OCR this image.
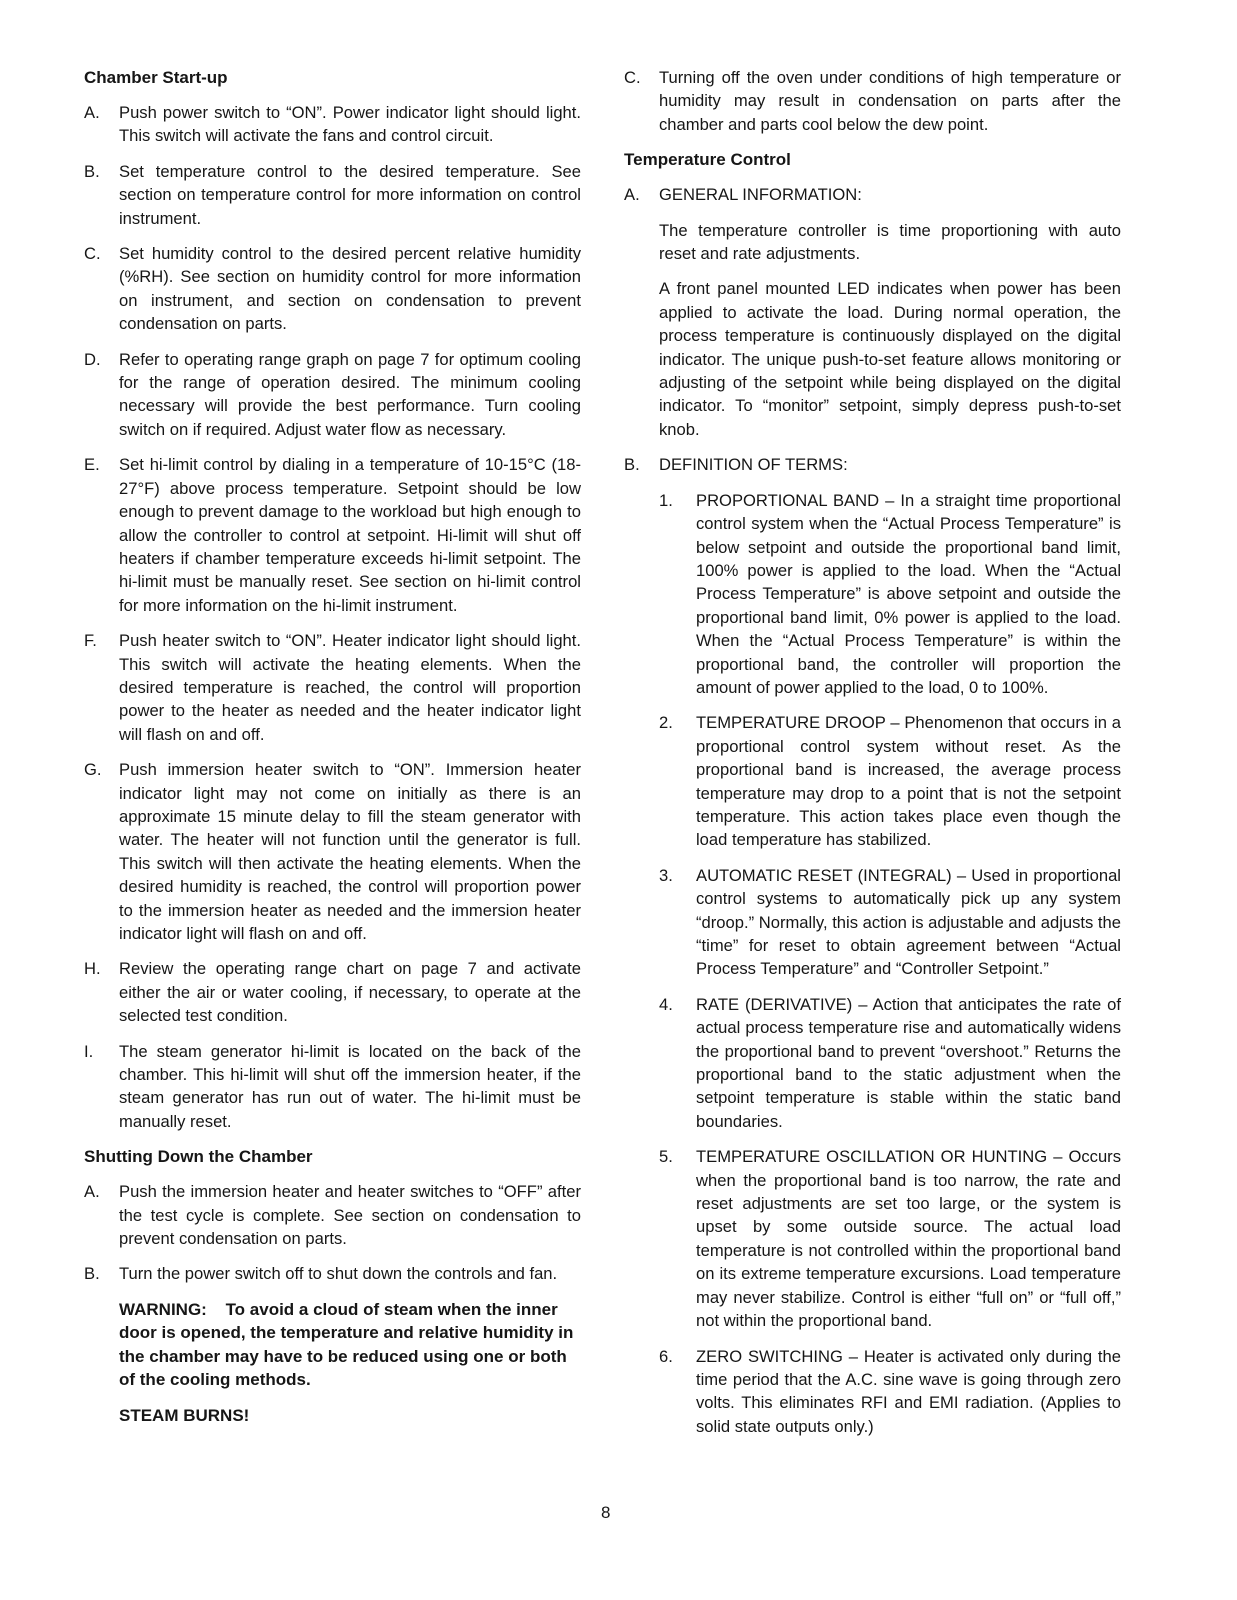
Chamber Start-up
A.	Push power switch to “ON”. Power indicator light should light. This switch will activate the fans and control circuit.
B.	Set temperature control to the desired temperature. See section on temperature control for more information on control instrument.
C.	Set humidity control to the desired percent relative humidity (%RH). See section on humidity control for more information on instrument, and section on condensation to prevent condensation on parts.
D.	Refer to operating range graph on page 7 for optimum cooling for the range of operation desired. The minimum cooling necessary will provide the best performance. Turn cooling switch on if required. Adjust water flow as necessary.
E.	Set hi-limit control by dialing in a temperature of 10-15°C (18-27°F) above process temperature. Setpoint should be low enough to prevent damage to the workload but high enough to allow the controller to control at setpoint. Hi-limit will shut off heaters if chamber temperature exceeds hi-limit setpoint. The hi-limit must be manually reset. See section on hi-limit control for more information on the hi-limit instrument.
F.	Push heater switch to “ON”. Heater indicator light should light. This switch will activate the heating elements. When the desired temperature is reached, the control will proportion power to the heater as needed and the heater indicator light will flash on and off.
G.	Push immersion heater switch to “ON”. Immersion heater indicator light may not come on initially as there is an approximate 15 minute delay to fill the steam generator with water. The heater will not function until the generator is full. This switch will then activate the heating elements. When the desired humidity is reached, the control will proportion power to the immersion heater as needed and the immersion heater indicator light will flash on and off.
H.	Review the operating range chart on page 7 and activate either the air or water cooling, if necessary, to operate at the selected test condition.
I.	The steam generator hi-limit is located on the back of the chamber. This hi-limit will shut off the immersion heater, if the steam generator has run out of water. The hi-limit must be manually reset.
Shutting Down the Chamber
A.	Push the immersion heater and heater switches to “OFF” after the test cycle is complete. See section on condensation to prevent condensation on parts.
B.	Turn the power switch off to shut down the controls and fan.
WARNING: To avoid a cloud of steam when the inner door is opened, the temperature and relative humidity in the chamber may have to be reduced using one or both of the cooling methods.
STEAM BURNS!
C.	Turning off the oven under conditions of high temperature or humidity may result in condensation on parts after the chamber and parts cool below the dew point.
Temperature Control
A.	GENERAL INFORMATION:
The temperature controller is time proportioning with auto reset and rate adjustments.
A front panel mounted LED indicates when power has been applied to activate the load. During normal operation, the process temperature is continuously displayed on the digital indicator. The unique push-to-set feature allows monitoring or adjusting of the setpoint while being displayed on the digital indicator. To “monitor” setpoint, simply depress push-to-set knob.
B.	DEFINITION OF TERMS:
1.	PROPORTIONAL BAND – In a straight time proportional control system when the “Actual Process Temperature” is below setpoint and outside the proportional band limit, 100% power is applied to the load. When the “Actual Process Temperature” is above setpoint and outside the proportional band limit, 0% power is applied to the load. When the “Actual Process Temperature” is within the proportional band, the controller will proportion the amount of power applied to the load, 0 to 100%.
2.	TEMPERATURE DROOP – Phenomenon that occurs in a proportional control system without reset. As the proportional band is increased, the average process temperature may drop to a point that is not the setpoint temperature. This action takes place even though the load temperature has stabilized.
3.	AUTOMATIC RESET (INTEGRAL) – Used in proportional control systems to automatically pick up any system “droop.” Normally, this action is adjustable and adjusts the “time” for reset to obtain agreement between “Actual Process Temperature” and “Controller Setpoint.”
4.	RATE (DERIVATIVE) – Action that anticipates the rate of actual process temperature rise and automatically widens the proportional band to prevent “overshoot.” Returns the proportional band to the static adjustment when the setpoint temperature is stable within the static band boundaries.
5.	TEMPERATURE OSCILLATION OR HUNTING – Occurs when the proportional band is too narrow, the rate and reset adjustments are set too large, or the system is upset by some outside source. The actual load temperature is not controlled within the proportional band on its extreme temperature excursions. Load temperature may never stabilize. Control is either “full on” or “full off,” not within the proportional band.
6.	ZERO SWITCHING – Heater is activated only during the time period that the A.C. sine wave is going through zero volts. This eliminates RFI and EMI radiation. (Applies to solid state outputs only.)
8
